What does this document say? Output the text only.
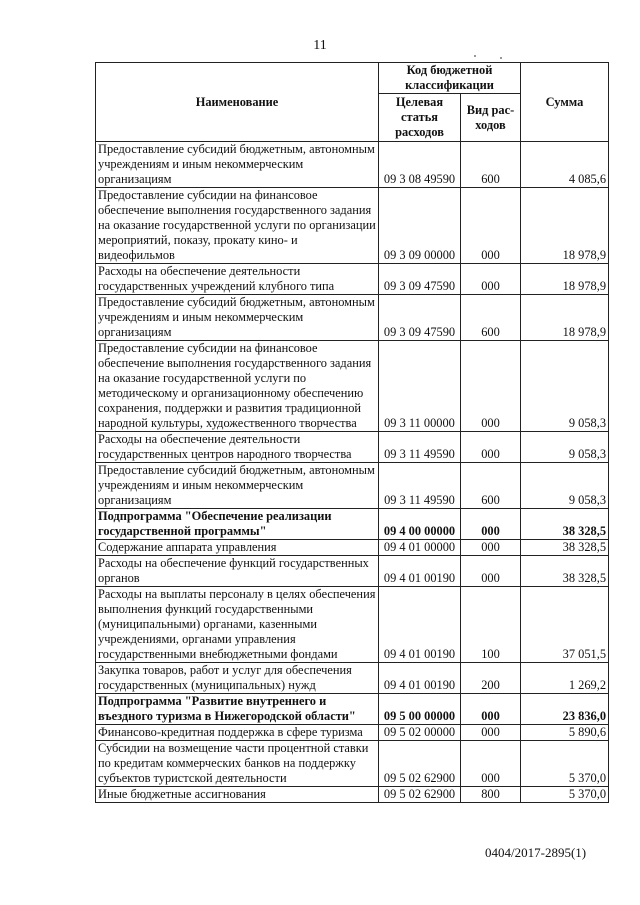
11
Наименование	Код бюджетной классификации		Сумма
	Целевая статья расходов	Вид рас-ходов	
Предоставление субсидий бюджетным, автономным учреждениям и иным некоммерческим организациям	09 3 08 49590	600	4 085,6
Предоставление субсидии на финансовое обеспечение выполнения государственного задания на оказание государственной услуги по организации мероприятий, показу, прокату кино- и видеофильмов	09 3 09 00000	000	18 978,9
Расходы на обеспечение деятельности государственных учреждений клубного типа	09 3 09 47590	000	18 978,9
Предоставление субсидий бюджетным, автономным учреждениям и иным некоммерческим организациям	09 3 09 47590	600	18 978,9
Предоставление субсидии на финансовое обеспечение выполнения государственного задания на оказание государственной услуги по методическому и организационному обеспечению сохранения, поддержки и развития традиционной народной культуры, художественного творчества	09 3 11 00000	000	9 058,3
Расходы на обеспечение деятельности государственных центров народного творчества	09 3 11 49590	000	9 058,3
Предоставление субсидий бюджетным, автономным учреждениям и иным некоммерческим организациям	09 3 11 49590	600	9 058,3
Подпрограмма "Обеспечение реализации государственной программы"	09 4 00 00000	000	38 328,5
Содержание аппарата управления	09 4 01 00000	000	38 328,5
Расходы на обеспечение функций государственных органов	09 4 01 00190	000	38 328,5
Расходы на выплаты персоналу в целях обеспечения выполнения функций государственными (муниципальными) органами, казенными учреждениями, органами управления государственными внебюджетными фондами	09 4 01 00190	100	37 051,5
Закупка товаров, работ и услуг для обеспечения государственных (муниципальных) нужд	09 4 01 00190	200	1 269,2
Подпрограмма "Развитие внутреннего и въездного туризма в Нижегородской области"	09 5 00 00000	000	23 836,0
Финансово-кредитная поддержка в сфере туризма	09 5 02 00000	000	5 890,6
Субсидии на возмещение части процентной ставки по кредитам коммерческих банков на поддержку субъектов туристской деятельности	09 5 02 62900	000	5 370,0
Иные бюджетные ассигнования	09 5 02 62900	800	5 370,0
0404/2017-2895(1)
